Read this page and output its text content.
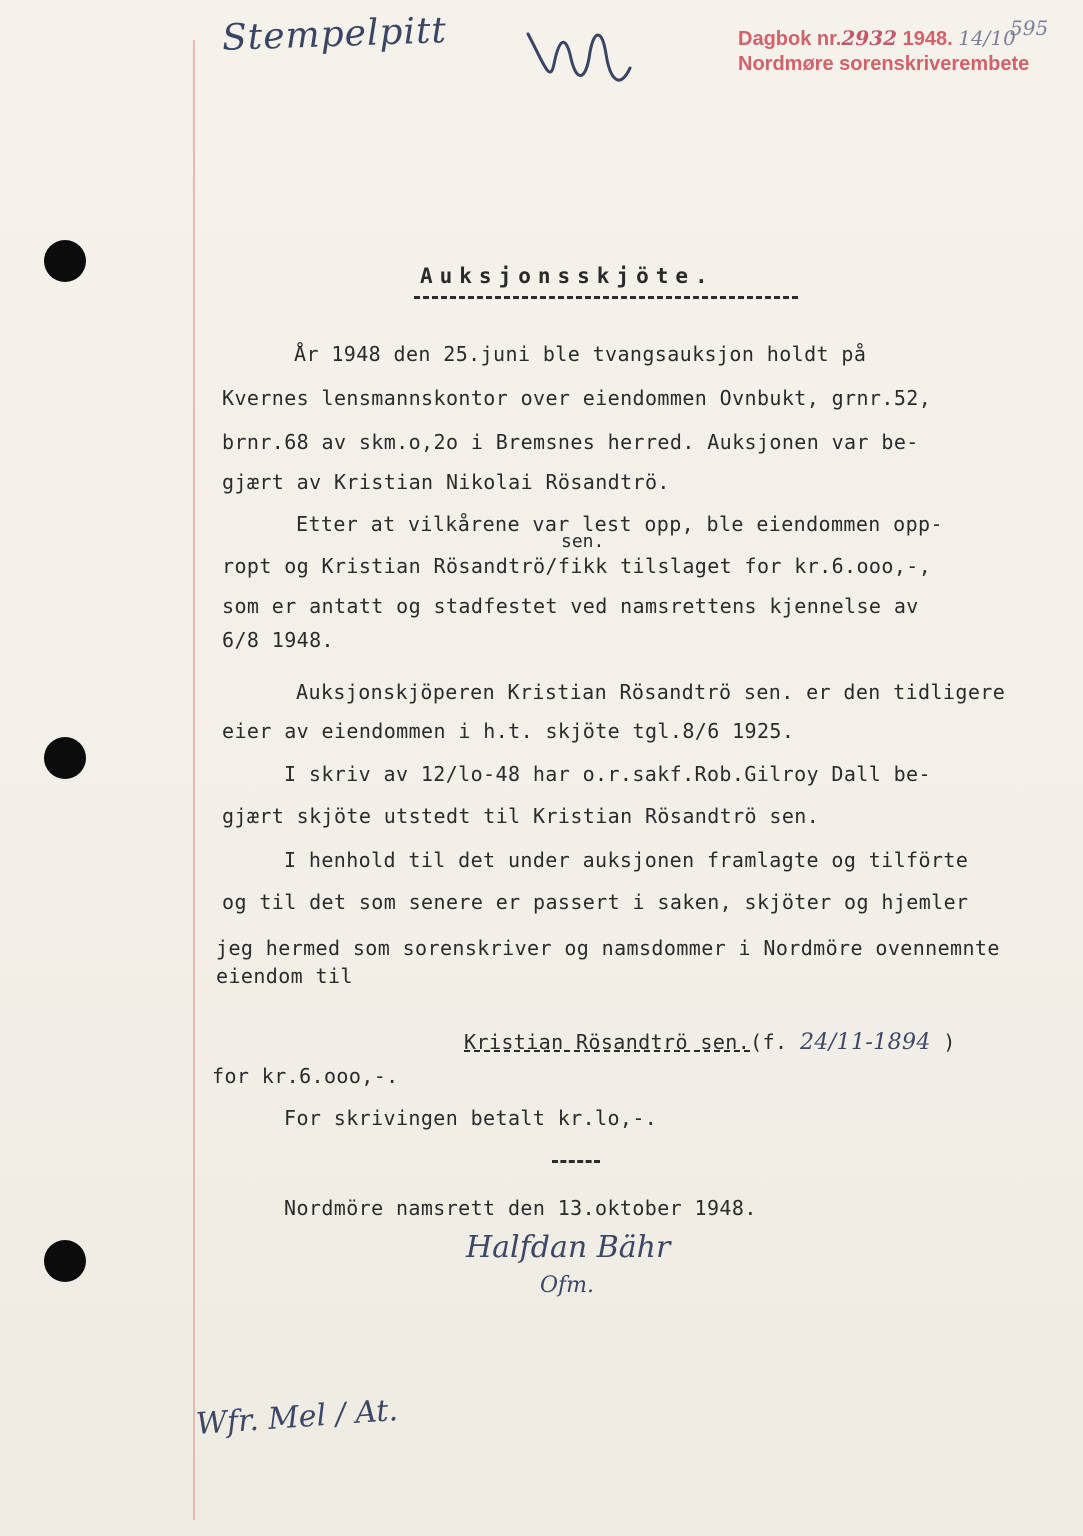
Stempelpitt	Dagbok nr.2932 1948. 14/10
Nordmøre sorenskriverembete
595
Auksjonsskjöte.
År 1948 den 25.juni ble tvangsauksjon holdt på
Kvernes lensmannskontor over eiendommen Ovnbukt, grnr.52,
brnr.68 av skm.o,2o i Bremsnes herred. Auksjonen var be-
gjært av Kristian Nikolai Rösandtrö.
Etter at vilkårene var lest opp, ble eiendommen opp-
sen.
ropt og Kristian Rösandtrö/fikk tilslaget for kr.6.ooo,-,
som er antatt og stadfestet ved namsrettens kjennelse av
6/8 1948.
Auksjonskjöperen Kristian Rösandtrö sen. er den tidligere
eier av eiendommen i h.t. skjöte tgl.8/6 1925.
I skriv av 12/lo-48 har o.r.sakf.Rob.Gilroy Dall be-
gjært skjöte utstedt til Kristian Rösandtrö sen.
I henhold til det under auksjonen framlagte og tilförte
og til det som senere er passert i saken, skjöter og hjemler
jeg hermed som sorenskriver og namsdommer i Nordmöre ovennemnte
eiendom til
Kristian Rösandtrö sen.(f. 24/11-1894 )
for kr.6.ooo,-.
For skrivingen betalt kr.lo,-.
Nordmöre namsrett den 13.oktober 1948.
Halfdan Bähr
Ofm.
Wfr. Mel / At.
